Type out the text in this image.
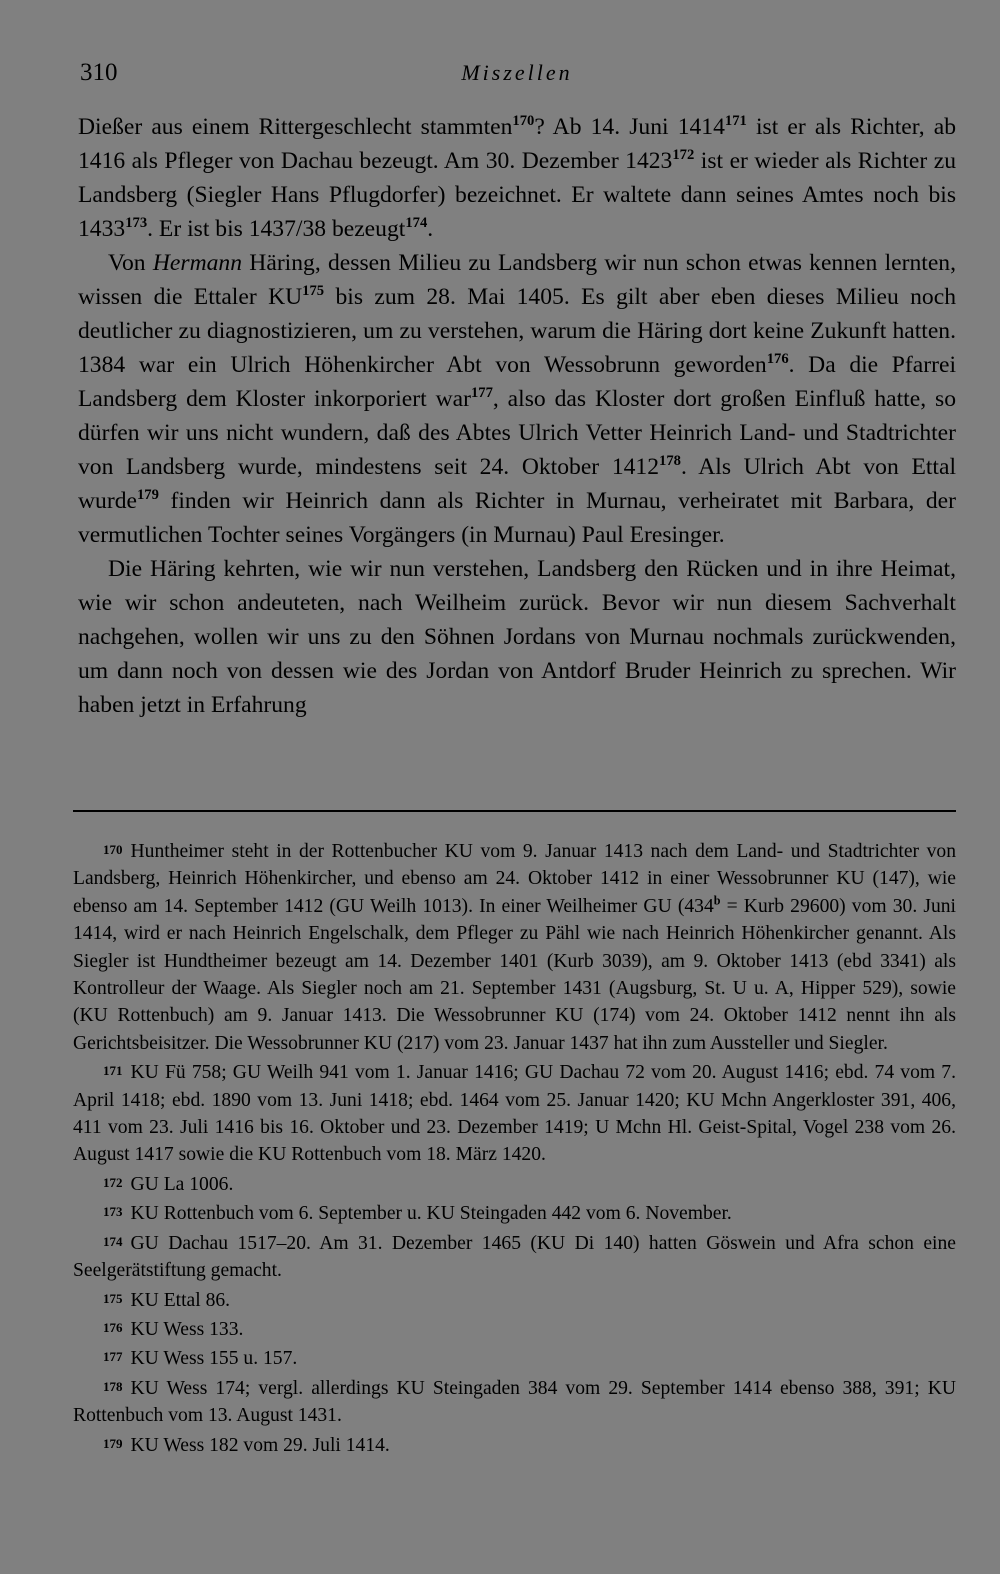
310	Miszellen

Dießer aus einem Rittergeschlecht stammten$^{170}$? Ab 14. Juni 1414$^{171}$ ist er als Richter, ab 1416 als Pfleger von Dachau bezeugt. Am 30. Dezember 1423$^{172}$ ist er wieder als Richter zu Landsberg (Siegler Hans Pflugdorfer) bezeichnet. Er waltete dann seines Amtes noch bis 1433$^{173}$. Er ist bis 1437/38 bezeugt$^{174}$.

Von Hermann Häring, dessen Milieu zu Landsberg wir nun schon etwas kennen lernten, wissen die Ettaler KU$^{175}$ bis zum 28. Mai 1405. Es gilt aber eben dieses Milieu noch deutlicher zu diagnostizieren, um zu verstehen, warum die Häring dort keine Zukunft hatten. 1384 war ein Ulrich Höhenkircher Abt von Wessobrunn geworden$^{176}$. Da die Pfarrei Landsberg dem Kloster inkorporiert war$^{177}$, also das Kloster dort großen Einfluß hatte, so dürfen wir uns nicht wundern, daß des Abtes Ulrich Vetter Heinrich Land- und Stadtrichter von Landsberg wurde, mindestens seit 24. Oktober 1412$^{178}$. Als Ulrich Abt von Ettal wurde$^{179}$ finden wir Heinrich dann als Richter in Murnau, verheiratet mit Barbara, der vermutlichen Tochter seines Vorgängers (in Murnau) Paul Eresinger.

Die Häring kehrten, wie wir nun verstehen, Landsberg den Rücken und in ihre Heimat, wie wir schon andeuteten, nach Weilheim zurück. Bevor wir nun diesem Sachverhalt nachgehen, wollen wir uns zu den Söhnen Jordans von Murnau nochmals zurückwenden, um dann noch von dessen wie des Jordan von Antdorf Bruder Heinrich zu sprechen. Wir haben jetzt in Erfahrung

170 Huntheimer steht in der Rottenbucher KU vom 9. Januar 1413 nach dem Land- und Stadtrichter von Landsberg, Heinrich Höhenkircher, und ebenso am 24. Oktober 1412 in einer Wessobrunner KU (147), wie ebenso am 14. September 1412 (GU Weilh 1013). In einer Weilheimer GU ($434^b$ = Kurb 29600) vom 30. Juni 1414, wird er nach Heinrich Engelschalk, dem Pfleger zu Pähl wie nach Heinrich Höhenkircher genannt. Als Siegler ist Hundtheimer bezeugt am 14. Dezember 1401 (Kurb 3039), am 9. Oktober 1413 (ebd 3341) als Kontrolleur der Waage. Als Siegler noch am 21. September 1431 (Augsburg, St. U u. A, Hipper 529), sowie (KU Rottenbuch) am 9. Januar 1413. Die Wessobrunner KU (174) vom 24. Oktober 1412 nennt ihn als Gerichtsbeisitzer. Die Wessobrunner KU (217) vom 23. Januar 1437 hat ihn zum Aussteller und Siegler.

171 KU Fü 758; GU Weilh 941 vom 1. Januar 1416; GU Dachau 72 vom 20. August 1416; ebd. 74 vom 7. April 1418; ebd. 1890 vom 13. Juni 1418; ebd. 1464 vom 25. Januar 1420; KU Mchn Angerkloster 391, 406, 411 vom 23. Juli 1416 bis 16. Oktober und 23. Dezember 1419; U Mchn Hl. Geist-Spital, Vogel 238 vom 26. August 1417 sowie die KU Rottenbuch vom 18. März 1420.

172 GU La 1006.

173 KU Rottenbuch vom 6. September u. KU Steingaden 442 vom 6. November.

174 GU Dachau 1517–20. Am 31. Dezember 1465 (KU Di 140) hatten Göswein und Afra schon eine Seelgerätstiftung gemacht.

175 KU Ettal 86.

176 KU Wess 133.

177 KU Wess 155 u. 157.

178 KU Wess 174; vergl. allerdings KU Steingaden 384 vom 29. September 1414 ebenso 388, 391; KU Rottenbuch vom 13. August 1431.

179 KU Wess 182 vom 29. Juli 1414.
